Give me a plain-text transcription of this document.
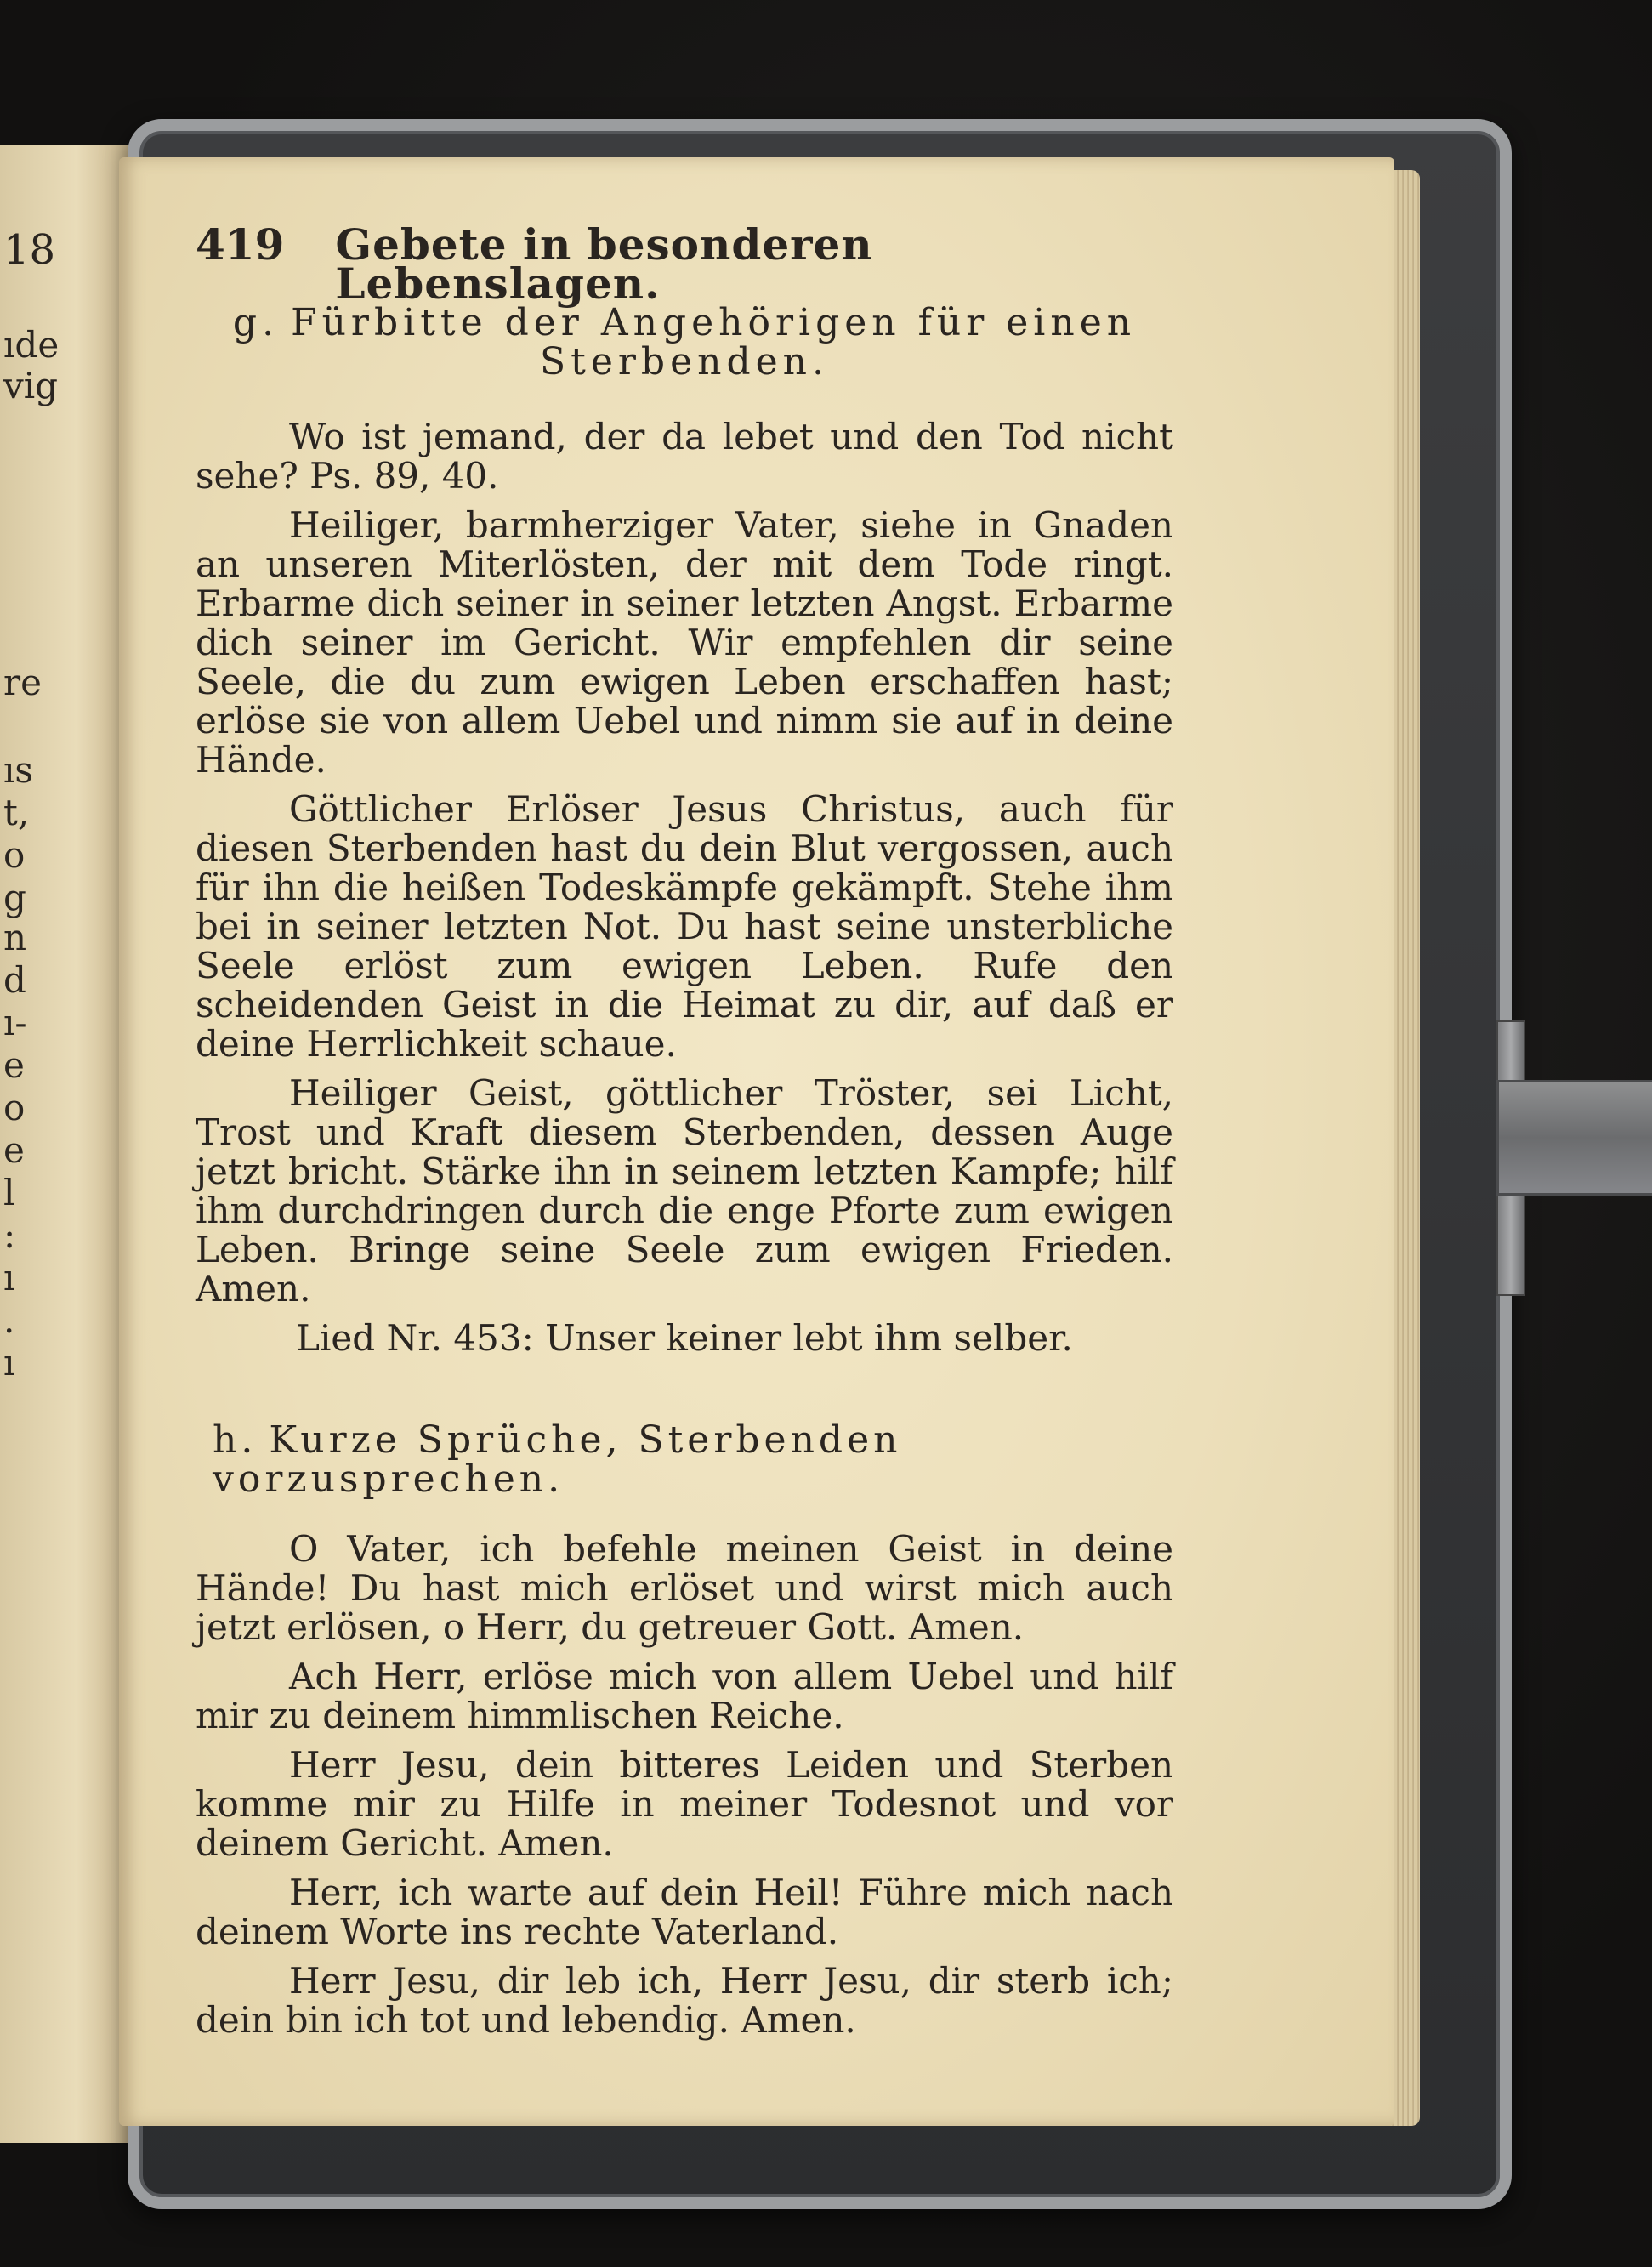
18
ıde
vig
re
ıs
t,
o
g
n
d
ı-
e
o
e
l
:
ı
.
ı
419 Gebete in besonderen Lebenslagen.
g. Fürbitte der Angehörigen für einen Sterbenden.

Wo ist jemand, der da lebet und den Tod nicht sehe? Ps. 89, 40.

Heiliger, barmherziger Vater, siehe in Gnaden an unseren Miterlösten, der mit dem Tode ringt. Erbarme dich seiner in seiner letzten Angst. Erbarme dich seiner im Gericht. Wir empfehlen dir seine Seele, die du zum ewigen Leben erschaffen hast; erlöse sie von allem Uebel und nimm sie auf in deine Hände.

Göttlicher Erlöser Jesus Christus, auch für diesen Sterbenden hast du dein Blut vergossen, auch für ihn die heißen Todeskämpfe gekämpft. Stehe ihm bei in seiner letzten Not. Du hast seine unsterbliche Seele erlöst zum ewigen Leben. Rufe den scheidenden Geist in die Heimat zu dir, auf daß er deine Herrlichkeit schaue.

Heiliger Geist, göttlicher Tröster, sei Licht, Trost und Kraft diesem Sterbenden, dessen Auge jetzt bricht. Stärke ihn in seinem letzten Kampfe; hilf ihm durchdringen durch die enge Pforte zum ewigen Leben. Bringe seine Seele zum ewigen Frieden. Amen.

Lied Nr. 453: Unser keiner lebt ihm selber.

h. Kurze Sprüche, Sterbenden vorzusprechen.

O Vater, ich befehle meinen Geist in deine Hände! Du hast mich erlöset und wirst mich auch jetzt erlösen, o Herr, du getreuer Gott. Amen.

Ach Herr, erlöse mich von allem Uebel und hilf mir zu deinem himmlischen Reiche.

Herr Jesu, dein bitteres Leiden und Sterben komme mir zu Hilfe in meiner Todesnot und vor deinem Gericht. Amen.

Herr, ich warte auf dein Heil! Führe mich nach deinem Worte ins rechte Vaterland.

Herr Jesu, dir leb ich, Herr Jesu, dir sterb ich; dein bin ich tot und lebendig. Amen.
